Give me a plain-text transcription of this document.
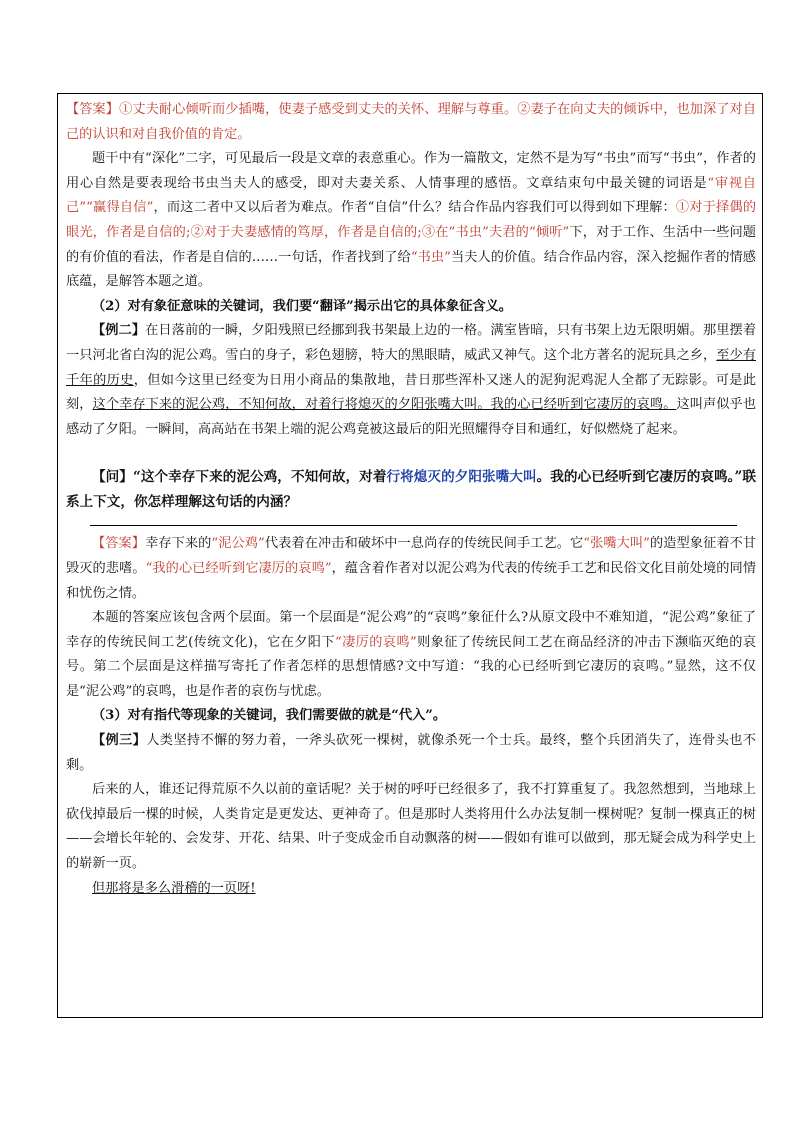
【答案】①丈夫耐心倾听而少插嘴，使妻子感受到丈夫的关怀、理解与尊重。②妻子在向丈夫的倾诉中，也加深了对自己的认识和对自我价值的肯定。

题干中有“深化”二字，可见最后一段是文章的表意重心。作为一篇散文，定然不是为写“书虫”而写“书虫”，作者的用心自然是要表现给书虫当夫人的感受，即对夫妻关系、人情事理的感悟。文章结束句中最关键的词语是“审视自己”“赢得自信”，而这二者中又以后者为难点。作者“自信”什么？结合作品内容我们可以得到如下理解：①对于择偶的眼光，作者是自信的;②对于夫妻感情的笃厚，作者是自信的;③在“书虫”夫君的“倾听”下，对于工作、生活中一些问题的有价值的看法，作者是自信的……一句话，作者找到了给“书虫”当夫人的价值。结合作品内容，深入挖掘作者的情感底蕴，是解答本题之道。

（2）对有象征意味的关键词，我们要“翻译”揭示出它的具体象征含义。

【例二】在日落前的一瞬，夕阳残照已经挪到我书架最上边的一格。满室皆暗，只有书架上边无限明媚。那里摆着一只河北省白沟的泥公鸡。雪白的身子，彩色翅膀，特大的黑眼睛，威武又神气。这个北方著名的泥玩具之乡，至少有千年的历史，但如今这里已经变为日用小商品的集散地，昔日那些浑朴又迷人的泥狗泥鸡泥人全都了无踪影。可是此刻，这个幸存下来的泥公鸡，不知何故，对着行将熄灭的夕阳张嘴大叫。我的心已经听到它凄厉的哀鸣。这叫声似乎也感动了夕阳。一瞬间，高高站在书架上端的泥公鸡竟被这最后的阳光照耀得夺目和通红，好似燃烧了起来。

【问】“这个幸存下来的泥公鸡，不知何故，对着行将熄灭的夕阳张嘴大叫。我的心已经听到它凄厉的哀鸣。”联系上下文，你怎样理解这句话的内涵？

【答案】幸存下来的“泥公鸡”代表着在冲击和破坏中一息尚存的传统民间手工艺。它“张嘴大叫”的造型象征着不甘毁灭的悲嗜。“我的心已经听到它凄厉的哀鸣”，蕴含着作者对以泥公鸡为代表的传统手工艺和民俗文化目前处境的同情和忧伤之情。

本题的答案应该包含两个层面。第一个层面是“泥公鸡”的“哀鸣”象征什么?从原文段中不难知道，“泥公鸡”象征了幸存的传统民间工艺(传统文化)，它在夕阳下“凄厉的哀鸣”则象征了传统民间工艺在商品经济的冲击下濒临灭绝的哀号。第二个层面是这样描写寄托了作者怎样的思想情感?文中写道：“我的心已经听到它凄厉的哀鸣。”显然，这不仅是“泥公鸡”的哀鸣，也是作者的哀伤与忧虑。

（3）对有指代等现象的关键词，我们需要做的就是“代入”。

【例三】人类坚持不懈的努力着，一斧头砍死一棵树，就像杀死一个士兵。最终，整个兵团消失了，连骨头也不剩。

后来的人，谁还记得荒原不久以前的童话呢？关于树的呼吁已经很多了，我不打算重复了。我忽然想到，当地球上砍伐掉最后一棵的时候，人类肯定是更发达、更神奇了。但是那时人类将用什么办法复制一棵树呢？复制一棵真正的树——会增长年轮的、会发芽、开花、结果、叶子变成金币自动飘落的树——假如有谁可以做到，那无疑会成为科学史上的崭新一页。

但那将是多么滑稽的一页呀!
